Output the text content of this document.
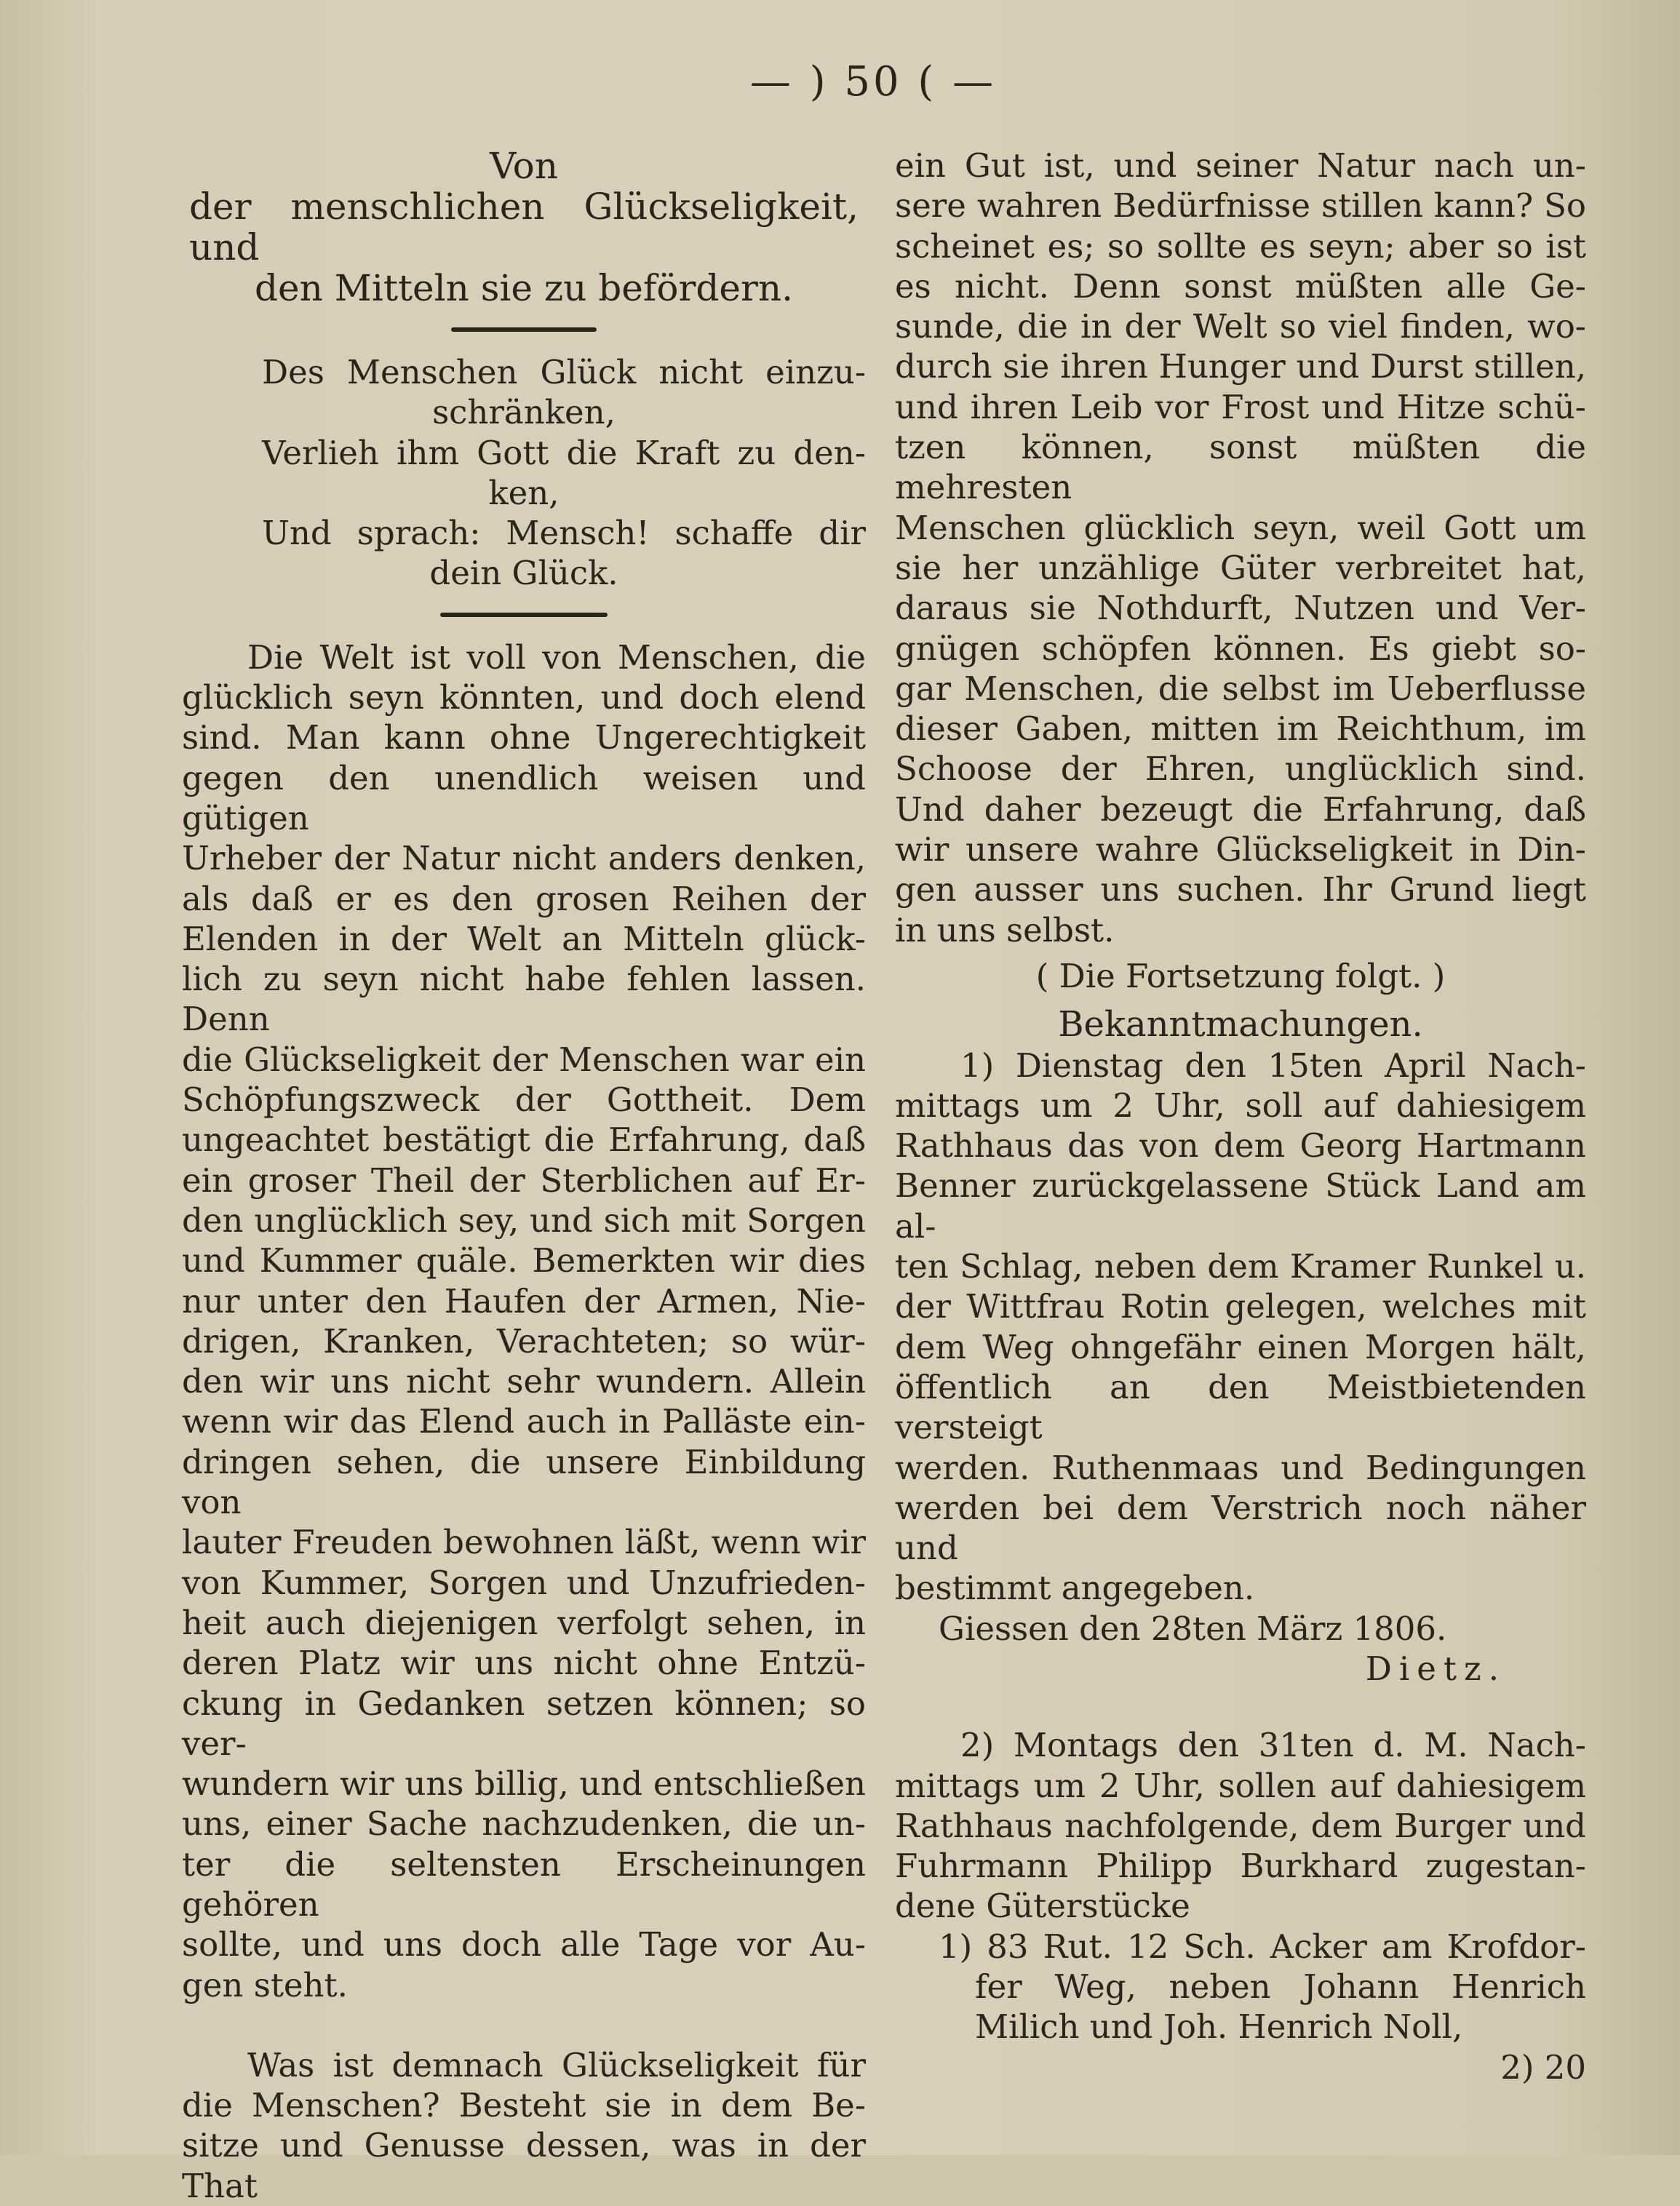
— ) 50 ( —
Von
der menschlichen Glückseligkeit, und
den Mitteln sie zu befördern.

Des Menschen Glück nicht einzu-

schränken,

Verlieh ihm Gott die Kraft zu den-

ken,

Und sprach: Mensch! schaffe dir

dein Glück.

Die Welt ist voll von Menschen, die

glücklich seyn könnten, und doch elend

sind. Man kann ohne Ungerechtigkeit

gegen den unendlich weisen und gütigen

Urheber der Natur nicht anders denken,

als daß er es den grosen Reihen der

Elenden in der Welt an Mitteln glück-

lich zu seyn nicht habe fehlen lassen. Denn

die Glückseligkeit der Menschen war ein

Schöpfungszweck der Gottheit. Dem

ungeachtet bestätigt die Erfahrung, daß

ein groser Theil der Sterblichen auf Er-

den unglücklich sey, und sich mit Sorgen

und Kummer quäle. Bemerkten wir dies

nur unter den Haufen der Armen, Nie-

drigen, Kranken, Verachteten; so wür-

den wir uns nicht sehr wundern. Allein

wenn wir das Elend auch in Palläste ein-

dringen sehen, die unsere Einbildung von

lauter Freuden bewohnen läßt, wenn wir

von Kummer, Sorgen und Unzufrieden-

heit auch diejenigen verfolgt sehen, in

deren Platz wir uns nicht ohne Entzü-

ckung in Gedanken setzen können; so ver-

wundern wir uns billig, und entschließen

uns, einer Sache nachzudenken, die un-

ter die seltensten Erscheinungen gehören

sollte, und uns doch alle Tage vor Au-

gen steht.

Was ist demnach Glückseligkeit für

die Menschen? Besteht sie in dem Be-

sitze und Genusse dessen, was in der That

ein Gut ist, und seiner Natur nach un-

sere wahren Bedürfnisse stillen kann? So

scheinet es; so sollte es seyn; aber so ist

es nicht. Denn sonst müßten alle Ge-

sunde, die in der Welt so viel finden, wo-

durch sie ihren Hunger und Durst stillen,

und ihren Leib vor Frost und Hitze schü-

tzen können, sonst müßten die mehresten

Menschen glücklich seyn, weil Gott um

sie her unzählige Güter verbreitet hat,

daraus sie Nothdurft, Nutzen und Ver-

gnügen schöpfen können. Es giebt so-

gar Menschen, die selbst im Ueberflusse

dieser Gaben, mitten im Reichthum, im

Schoose der Ehren, unglücklich sind.

Und daher bezeugt die Erfahrung, daß

wir unsere wahre Glückseligkeit in Din-

gen ausser uns suchen. Ihr Grund liegt

in uns selbst.

( Die Fortsetzung folgt. )

Bekanntmachungen.

1) Dienstag den 15ten April Nach-

mittags um 2 Uhr, soll auf dahiesigem

Rathhaus das von dem Georg Hartmann

Benner zurückgelassene Stück Land am al-

ten Schlag, neben dem Kramer Runkel u.

der Wittfrau Rotin gelegen, welches mit

dem Weg ohngefähr einen Morgen hält,

öffentlich an den Meistbietenden versteigt

werden. Ruthenmaas und Bedingungen

werden bei dem Verstrich noch näher und

bestimmt angegeben.

Giessen den 28ten März 1806.

Dietz.

2) Montags den 31ten d. M. Nach-

mittags um 2 Uhr, sollen auf dahiesigem

Rathhaus nachfolgende, dem Burger und

Fuhrmann Philipp Burkhard zugestan-

dene Güterstücke

1) 83 Rut. 12 Sch. Acker am Krofdor-

fer Weg, neben Johann Henrich

Milich und Joh. Henrich Noll,

2) 20
